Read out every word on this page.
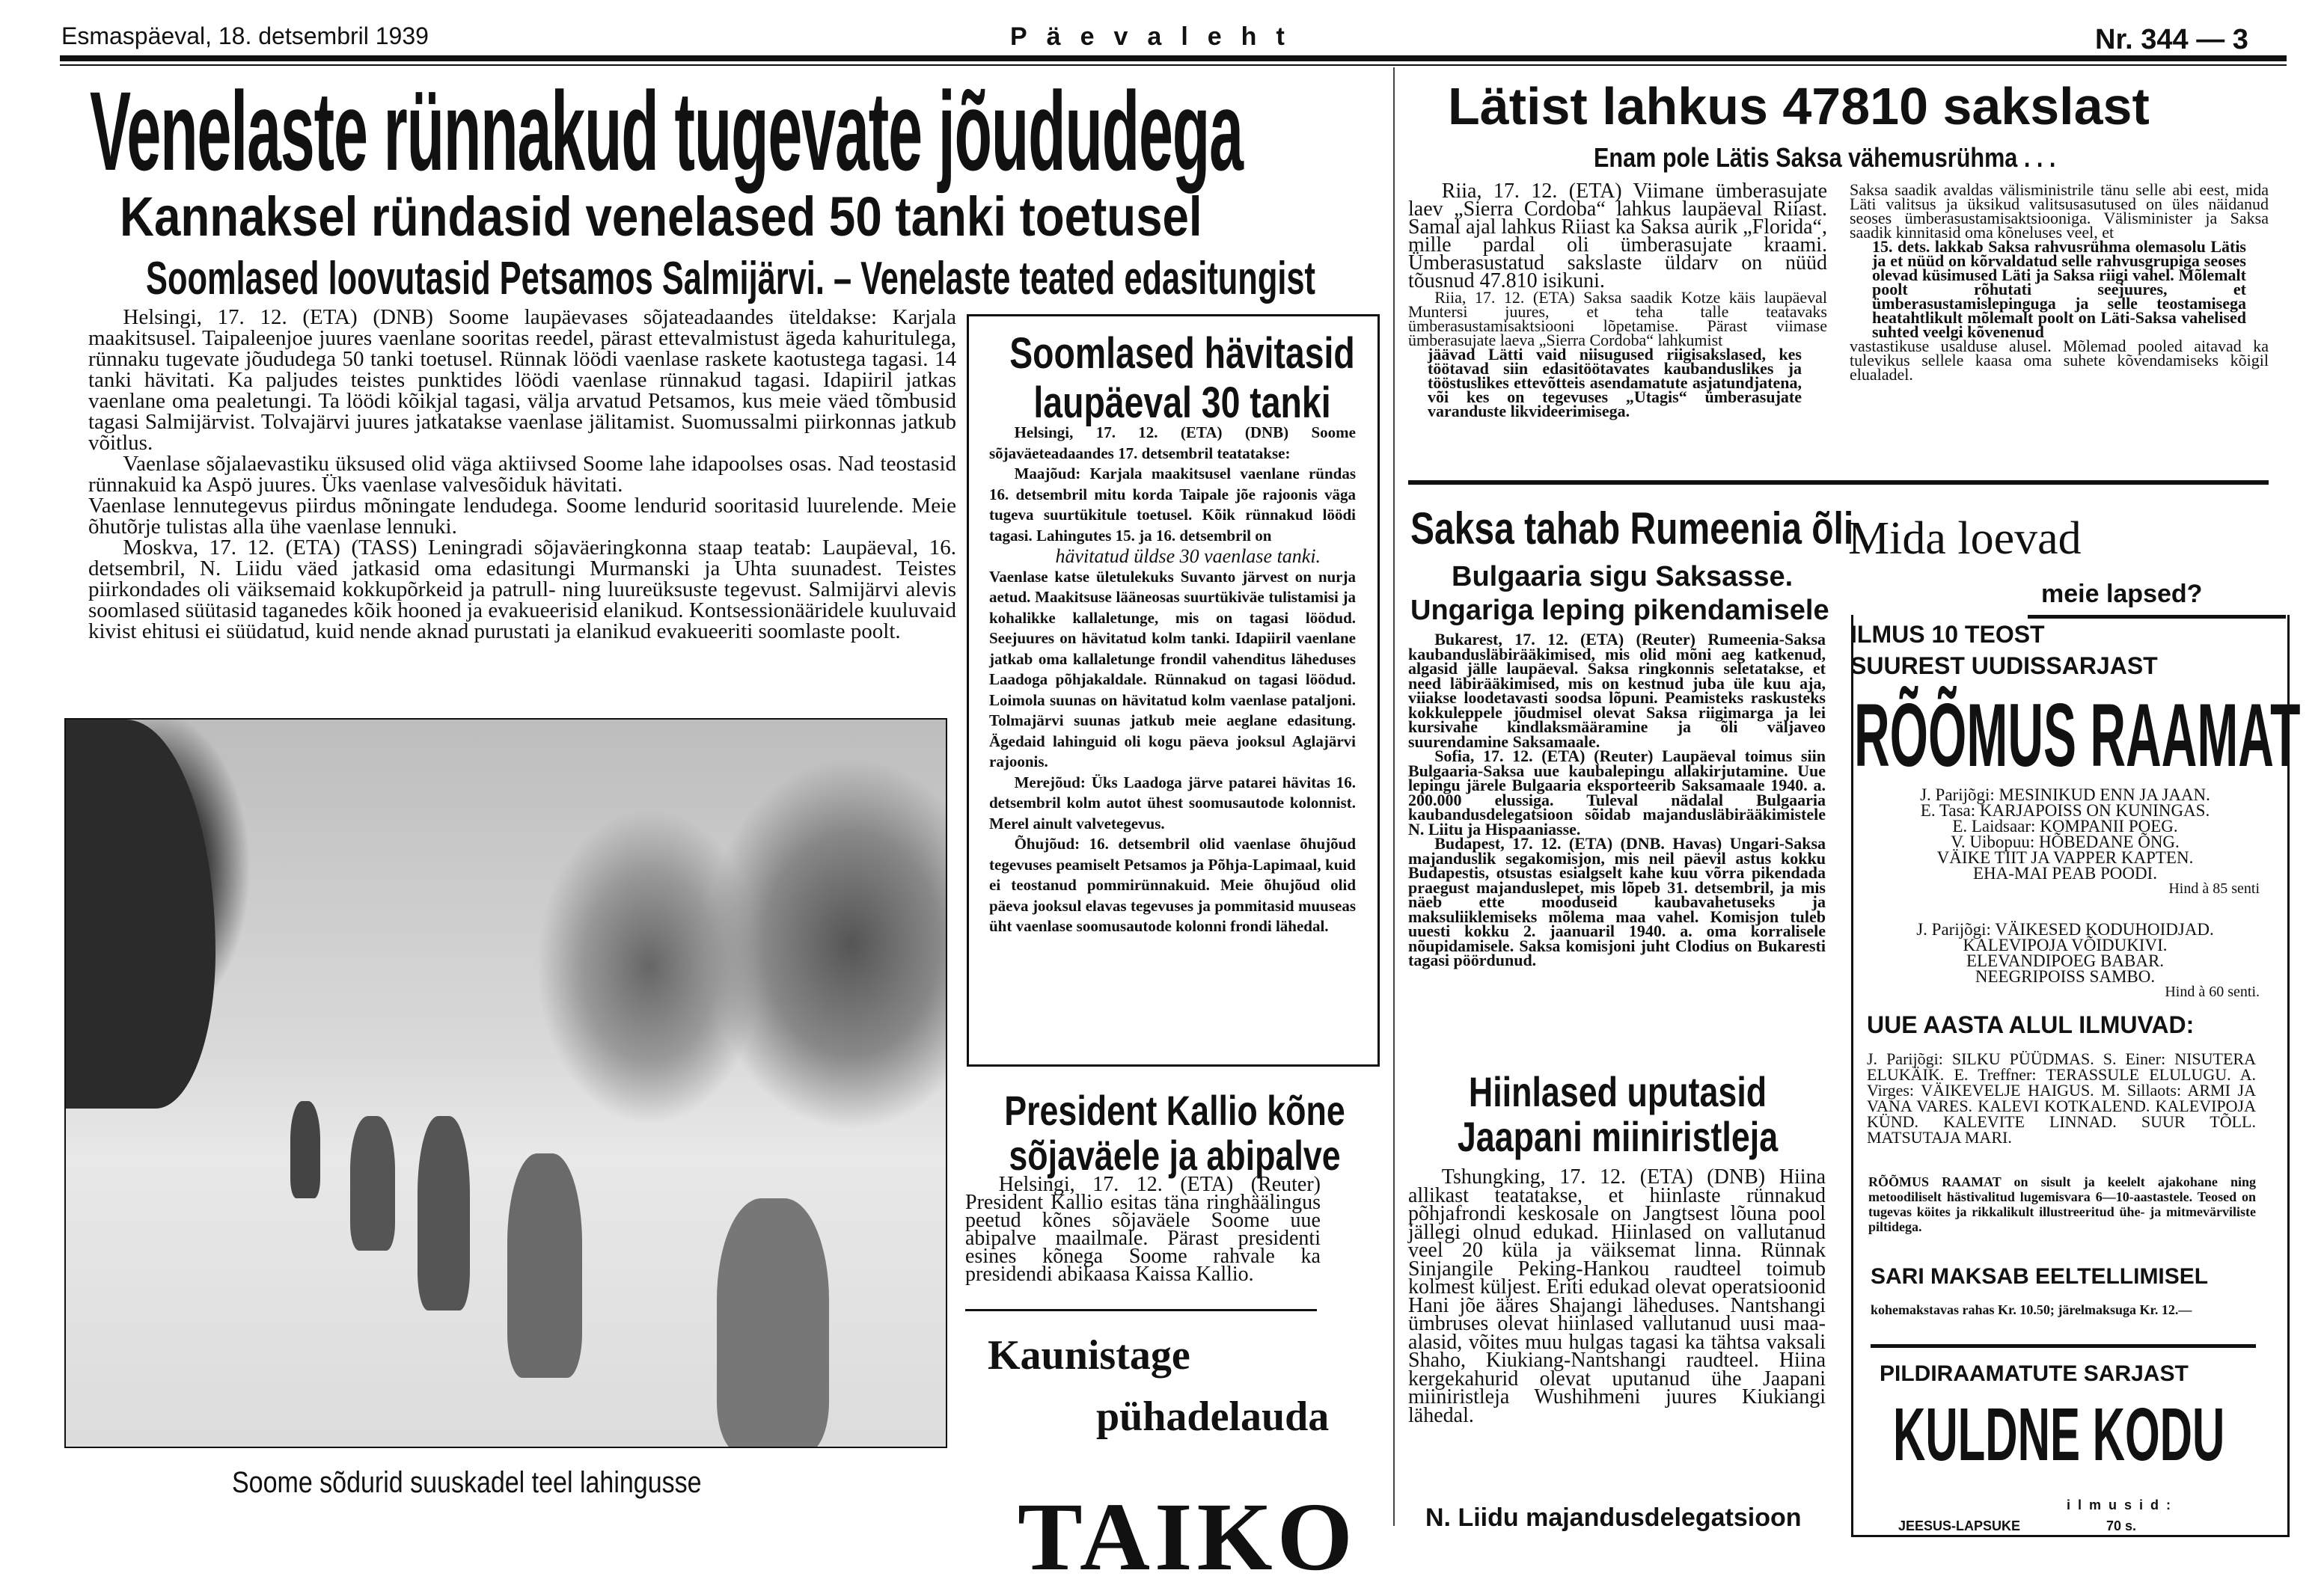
Esmaspäeval, 18. detsembril 1939	Päevaleht	Nr. 344 — 3
Venelaste rünnakud tugevate jõududega
Kannaksel ründasid venelased 50 tanki toetusel
Soomlased loovutasid Petsamos Salmijärvi. – Venelaste teated edasitungist

Helsingi, 17. 12. (ETA) (DNB) Soome laupäevases sõjateadaandes üteldakse: Karjala maakitsusel. Taipaleenjoe juures vaenlane sooritas reedel, pärast ettevalmistust ägeda kahuritulega, rünnaku tugevate jõududega 50 tanki toetusel. Rünnak löödi vaenlase raskete kaotustega tagasi. 14 tanki hävitati. Ka paljudes teistes punktides löödi vaenlase rünnakud tagasi. Idapiiril jatkas vaenlane oma pealetungi. Ta löödi kõikjal tagasi, välja arvatud Petsamos, kus meie väed tõmbusid tagasi Salmijärvist. Tolvajärvi juures jatkatakse vaenlase jälitamist. Suomussalmi piirkonnas jatkub võitlus.

Vaenlase sõjalaevastiku üksused olid väga aktiivsed Soome lahe idapoolses osas. Nad teostasid rünnakuid ka Aspö juures. Üks vaenlase valvesõiduk hävitati.

Vaenlase lennutegevus piirdus mõningate lendudega. Soome lendurid sooritasid luurelende. Meie õhutõrje tulistas alla ühe vaenlase lennuki.

Moskva, 17. 12. (ETA) (TASS) Leningradi sõjaväeringkonna staap teatab: Laupäeval, 16. detsembril, N. Liidu väed jatkasid oma edasitungi Murmanski ja Uhta suunadest. Teistes piirkondades oli väiksemaid kokkupõrkeid ja patrull- ning luureüksuste tegevust. Salmijärvi alevis soomlased süütasid taganedes kõik hooned ja evakueerisid elanikud. Kontsessionääridele kuuluvaid kivist ehitusi ei süüdatud, kuid nende aknad purustati ja elanikud evakueeriti soomlaste poolt.

Soome sõdurid suuskadel teel lahingusse
Soomlased hävitasid laupäeval 30 tanki

Helsingi, 17. 12. (ETA) (DNB) Soome sõjaväeteadaandes 17. detsembril teatatakse:

Maajõud: Karjala maakitsusel vaenlane ründas 16. detsembril mitu korda Taipale jõe rajoonis väga tugeva suurtükitule toetusel. Kõik rünnakud löödi tagasi. Lahingutes 15. ja 16. detsembril on

hävitatud üldse 30 vaenlase tanki.

Vaenlase katse ületulekuks Suvanto järvest on nurja aetud. Maakitsuse lääneosas suurtükiväe tulistamisi ja kohalikke kallaletunge, mis on tagasi löödud. Seejuures on hävitatud kolm tanki. Idapiiril vaenlane jatkab oma kallaletunge frondil vahenditus läheduses Laadoga põhjakaldale. Rünnakud on tagasi löödud. Loimola suunas on hävitatud kolm vaenlase pataljoni. Tolmajärvi suunas jatkub meie aeglane edasitung. Ägedaid lahinguid oli kogu päeva jooksul Aglajärvi rajoonis.

Merejõud: Üks Laadoga järve patarei hävitas 16. detsembril kolm autot ühest soomusautode kolonnist. Merel ainult valvetegevus.

Õhujõud: 16. detsembril olid vaenlase õhujõud tegevuses peamiselt Petsamos ja Põhja-Lapimaal, kuid ei teostanud pommirünnakuid. Meie õhujõud olid päeva jooksul elavas tegevuses ja pommitasid muuseas üht vaenlase soomusautode kolonni frondi lähedal.

President Kallio kõne sõjaväele ja abipalve

Helsingi, 17. 12. (ETA) (Reuter) President Kallio esitas täna ringhäälingus peetud kõnes sõjaväele Soome uue abipalve maailmale. Pärast presidenti esines kõnega Soome rahvale ka presidendi abikaasa Kaissa Kallio.

Kaunistage
pühadelauda
TAIKO
Lätist lahkus 47810 sakslast
Enam pole Lätis Saksa vähemusrühma . . .

Riia, 17. 12. (ETA) Viimane ümberasujate laev „Sierra Cordoba“ lahkus laupäeval Riiast. Samal ajal lahkus Riiast ka Saksa aurik „Florida“, mille pardal oli ümberasujate kraami. Ümberasustatud sakslaste üldarv on nüüd tõusnud 47.810 isikuni.

Riia, 17. 12. (ETA) Saksa saadik Kotze käis laupäeval Muntersi juures, et teha talle teatavaks ümberasustamisaktsiooni lõpetamise. Pärast viimase ümberasujate laeva „Sierra Cordoba“ lahkumist

jäävad Lätti vaid niisugused riigisakslased, kes töötavad siin edasitöötavates kaubanduslikes ja tööstuslikes ettevõtteis asendamatute asjatundjatena, või kes on tegevuses „Utagis“ ümberasujate varanduste likvideerimisega.

Saksa saadik avaldas välisministrile tänu selle abi eest, mida Läti valitsus ja üksikud valitsusasutused on üles näidanud seoses ümberasustamisaktsiooniga. Välisminister ja Saksa saadik kinnitasid oma kõneluses veel, et

15. dets. lakkab Saksa rahvusrühma olemasolu Lätis ja et nüüd on kõrvaldatud selle rahvusgrupiga seoses olevad küsimused Läti ja Saksa riigi vahel. Mõlemalt poolt rõhutati seejuures, et ümberasustamislepinguga ja selle teostamisega heatahtlikult mõlemalt poolt on Läti-Saksa vahelised suhted veelgi kõvenenud

vastastikuse usalduse alusel. Mõlemad pooled aitavad ka tulevikus sellele kaasa oma suhete kõvendamiseks kõigil elualadel.

Saksa tahab Rumeenia õli
Bulgaaria sigu Saksasse.
Ungariga leping pikendamisele

Bukarest, 17. 12. (ETA) (Reuter) Rumeenia-Saksa kaubandusläbirääkimised, mis olid mõni aeg katkenud, algasid jälle laupäeval. Saksa ringkonnis seletatakse, et need läbirääkimised, mis on kestnud juba üle kuu aja, viiakse loodetavasti soodsa lõpuni. Peamisteks raskusteks kokkuleppele jõudmisel olevat Saksa riigimarga ja lei kursivahe kindlaksmääramine ja õli väljaveo suurendamine Saksamaale.

Sofia, 17. 12. (ETA) (Reuter) Laupäeval toimus siin Bulgaaria-Saksa uue kaubalepingu allakirjutamine. Uue lepingu järele Bulgaaria eksporteerib Saksamaale 1940. a. 200.000 elussiga. Tuleval nädalal Bulgaaria kaubandusdelegatsioon sõidab majandusläbirääkimistele N. Liitu ja Hispaaniasse.

Budapest, 17. 12. (ETA) (DNB. Havas) Ungari-Saksa majanduslik segakomisjon, mis neil päevil astus kokku Budapestis, otsustas esialgselt kahe kuu võrra pikendada praegust majanduslepet, mis lõpeb 31. detsembril, ja mis näeb ette mooduseid kaubavahetuseks ja maksuliiklemiseks mõlema maa vahel. Komisjon tuleb uuesti kokku 2. jaanuaril 1940. a. oma korralisele nõupidamisele. Saksa komisjoni juht Clodius on Bukaresti tagasi pöördunud.

Hiinlased uputasid Jaapani miiniristleja

Tshungking, 17. 12. (ETA) (DNB) Hiina allikast teatatakse, et hiinlaste rünnakud põhjafrondi keskosale on Jangtsest lõuna pool jällegi olnud edukad. Hiinlased on vallutanud veel 20 küla ja väiksemat linna. Rünnak Sinjangile Peking-Hankou raudteel toimub kolmest küljest. Eriti edukad olevat operatsioonid Hani jõe ääres Shajangi läheduses. Nantshangi ümbruses olevat hiinlased vallutanud uusi maa-alasid, võites muu hulgas tagasi ka tähtsa vaksali Shaho, Kiukiang-Nantshangi raudteel. Hiina kergekahurid olevat uputanud ühe Jaapani miiniristleja Wushihmeni juures Kiukiangi lähedal.

N. Liidu majandusdelegatsioon
Mida loevad
meie lapsed?
ILMUS 10 TEOST
SUUREST UUDISSARJAST
RÕÕMUS RAAMAT
J. Parijõgi: MESINIKUD ENN JA JAAN.
E. Tasa: KARJAPOISS ON KUNINGAS.
E. Laidsaar: KOMPANII POEG.
V. Uibopuu: HÕBEDANE ÕNG.
VÄIKE TIIT JA VAPPER KAPTEN.
EHA-MAI PEAB POODI.
Hind à 85 senti
J. Parijõgi: VÄIKESED KODUHOIDJAD.
KALEVIPOJA VÕIDUKIVI.
ELEVANDIPOEG BABAR.
NEEGRIPOISS SAMBO.
Hind à 60 senti.
UUE AASTA ALUL ILMUVAD:
J. Parijõgi: SILKU PÜÜDMAS. S. Einer: NISUTERA ELUKÄIK. E. Treffner: TERASSULE ELULUGU. A. Virges: VÄIKEVELJE HAIGUS. M. Sillaots: ARMI JA VANA VARES. KALEVI KOTKALEND. KALEVIPOJA KÜND. KALEVITE LINNAD. SUUR TÕLL. MATSUTAJA MARI.
RÕÕMUS RAAMAT on sisult ja keelelt ajakohane ning metoodiliselt hästivalitud lugemisvara 6—10-aastastele. Teosed on tugevas köites ja rikkalikult illustreeritud ühe- ja mitmevärviliste piltidega.
SARI MAKSAB EELTELLIMISEL
kohemakstavas rahas Kr. 10.50; järelmaksuga Kr. 12.—
PILDIRAAMATUTE SARJAST
KULDNE KODU
ilmusid:
JEESUS-LAPSUKE	70 s.
